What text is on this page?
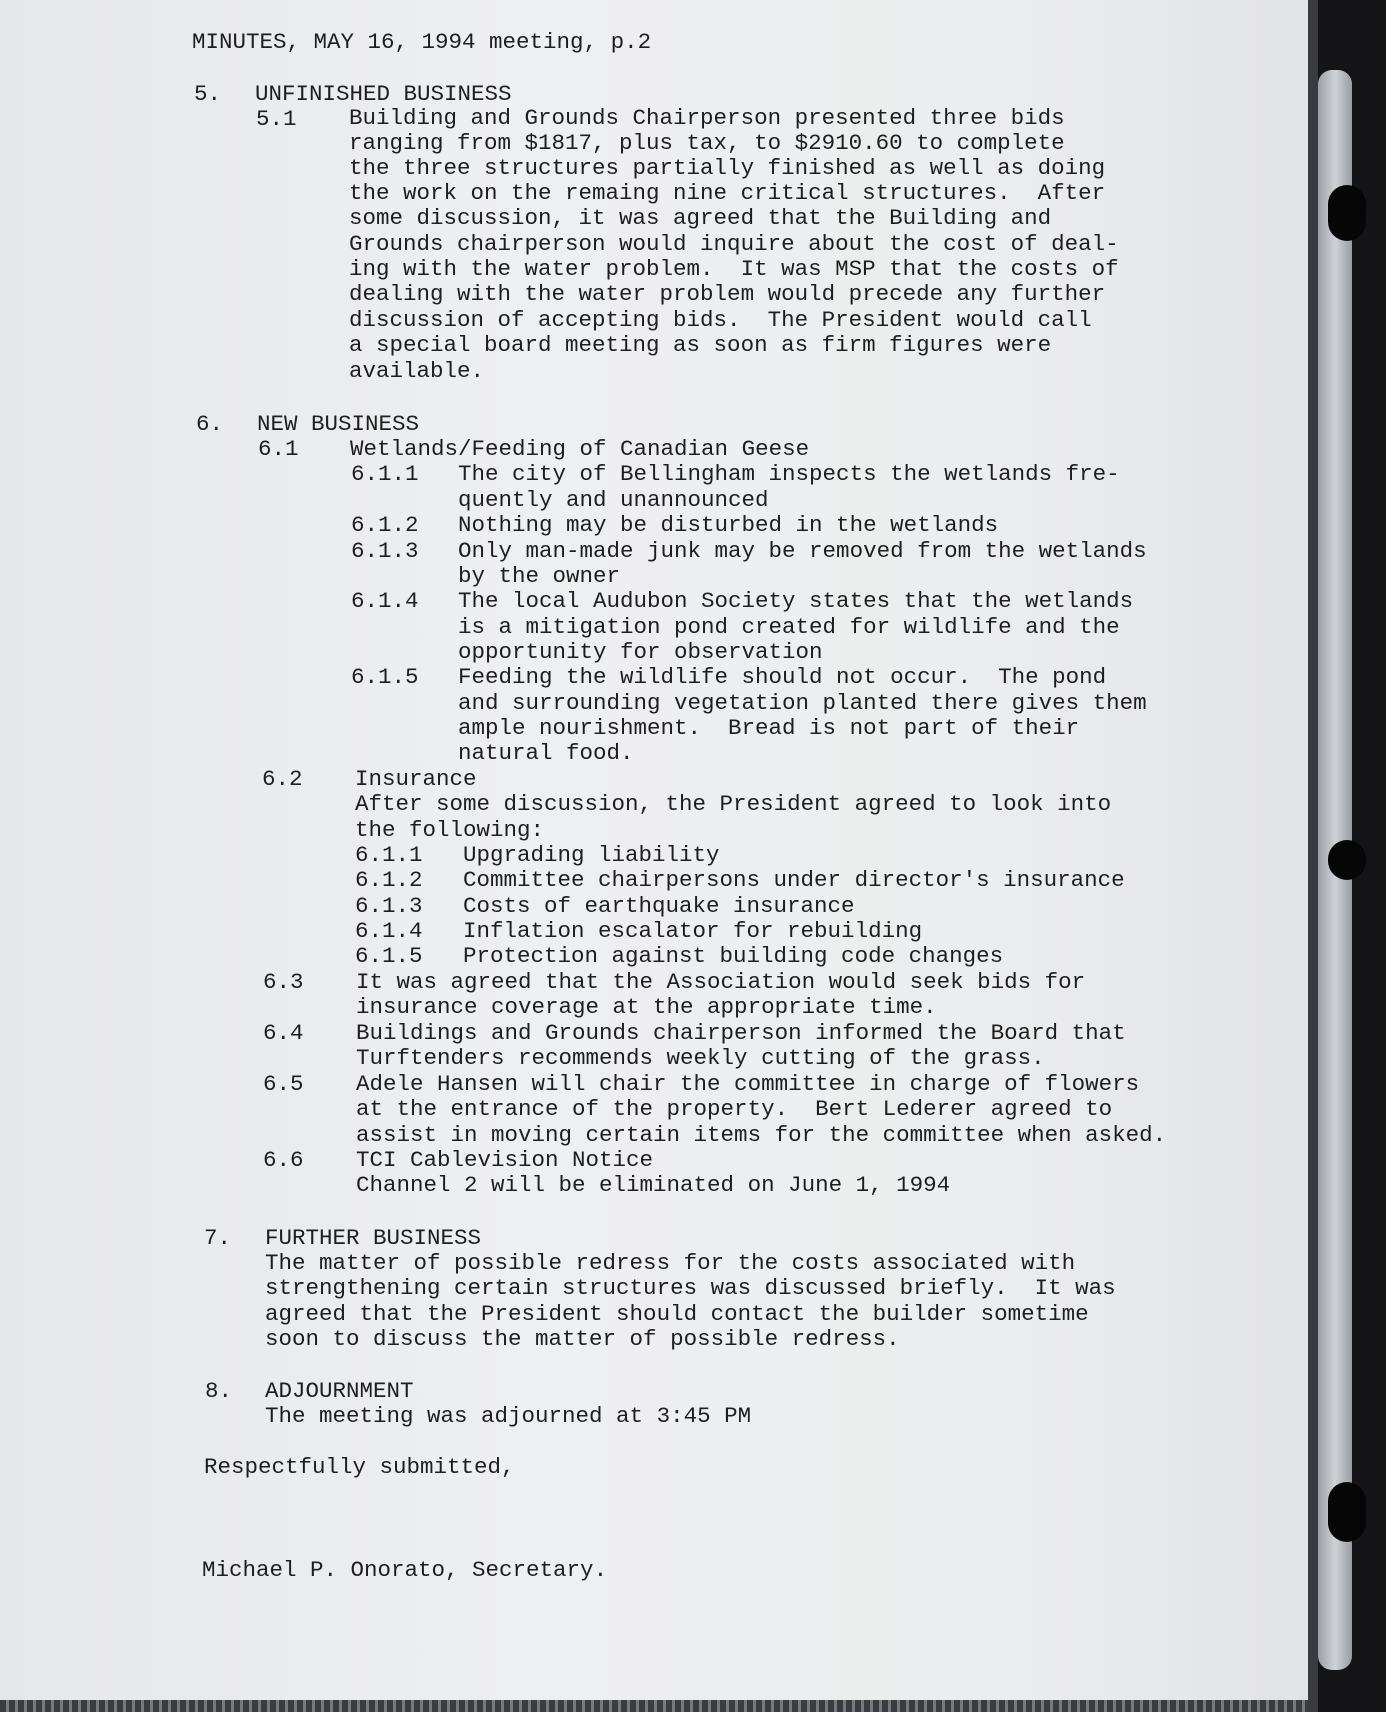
MINUTES, MAY 16, 1994 meeting, p.2
5. UNFINISHED BUSINESS
5.1 Building and Grounds Chairperson presented three bids
ranging from $1817, plus tax, to $2910.60 to complete
the three structures partially finished as well as doing
the work on the remaing nine critical structures.  After
some discussion, it was agreed that the Building and
Grounds chairperson would inquire about the cost of deal-
ing with the water problem.  It was MSP that the costs of
dealing with the water problem would precede any further
discussion of accepting bids.  The President would call
a special board meeting as soon as firm figures were
available.
6. NEW BUSINESS
6.1 Wetlands/Feeding of Canadian Geese
6.1.1 The city of Bellingham inspects the wetlands fre-
quently and unannounced
6.1.2 Nothing may be disturbed in the wetlands
6.1.3 Only man-made junk may be removed from the wetlands
by the owner
6.1.4 The local Audubon Society states that the wetlands
is a mitigation pond created for wildlife and the
opportunity for observation
6.1.5 Feeding the wildlife should not occur.  The pond
and surrounding vegetation planted there gives them
ample nourishment.  Bread is not part of their
natural food.
6.2 Insurance
After some discussion, the President agreed to look into
the following:
6.1.1 Upgrading liability
6.1.2 Committee chairpersons under director's insurance
6.1.3 Costs of earthquake insurance
6.1.4 Inflation escalator for rebuilding
6.1.5 Protection against building code changes
6.3 It was agreed that the Association would seek bids for
insurance coverage at the appropriate time.
6.4 Buildings and Grounds chairperson informed the Board that
Turftenders recommends weekly cutting of the grass.
6.5 Adele Hansen will chair the committee in charge of flowers
at the entrance of the property.  Bert Lederer agreed to
assist in moving certain items for the committee when asked.
6.6 TCI Cablevision Notice
Channel 2 will be eliminated on June 1, 1994
7. FURTHER BUSINESS
The matter of possible redress for the costs associated with
strengthening certain structures was discussed briefly.  It was
agreed that the President should contact the builder sometime
soon to discuss the matter of possible redress.
8. ADJOURNMENT
The meeting was adjourned at 3:45 PM
Respectfully submitted,
Michael P. Onorato, Secretary.
